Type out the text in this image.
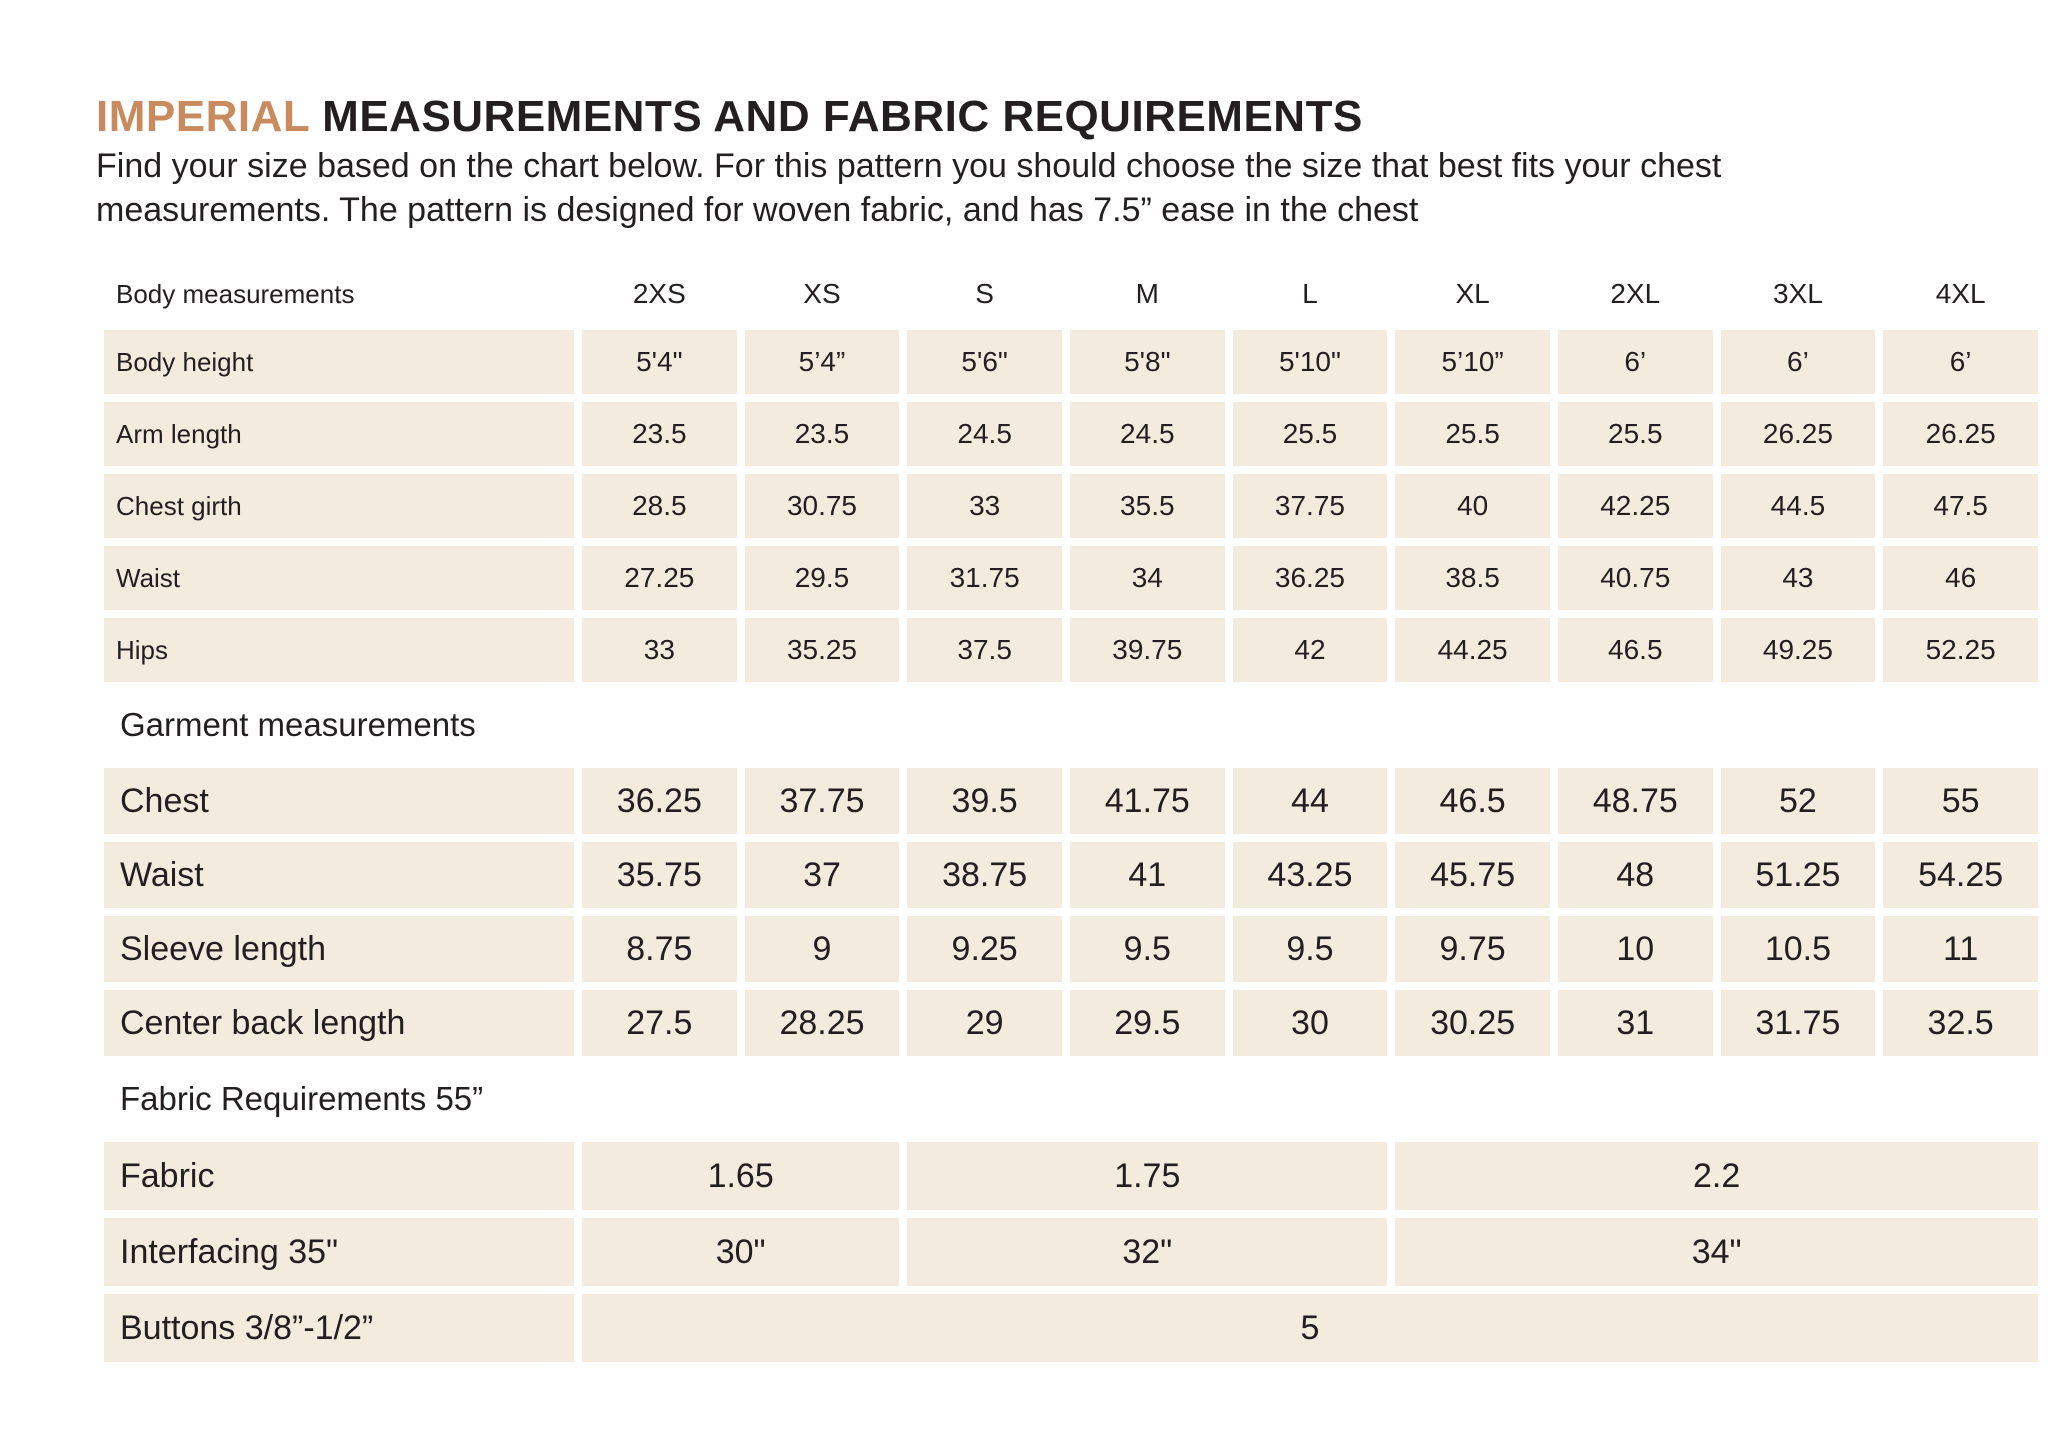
IMPERIAL MEASUREMENTS AND FABRIC REQUIREMENTS

Find your size based on the chart below. For this pattern you should choose the size that best fits your chest measurements. The pattern is designed for woven fabric, and has 7.5” ease in the chest

Body measurements	2XS	XS	S	M	L	XL	2XL	3XL	4XL
Body height	5'4"	5’4”	5'6"	5'8"	5'10"	5’10”	6’	6’	6’
Arm length	23.5	23.5	24.5	24.5	25.5	25.5	25.5	26.25	26.25
Chest girth	28.5	30.75	33	35.5	37.75	40	42.25	44.5	47.5
Waist	27.25	29.5	31.75	34	36.25	38.5	40.75	43	46
Hips	33	35.25	37.5	39.75	42	44.25	46.5	49.25	52.25
Garment measurements									
Chest	36.25	37.75	39.5	41.75	44	46.5	48.75	52	55
Waist	35.75	37	38.75	41	43.25	45.75	48	51.25	54.25
Sleeve length	8.75	9	9.25	9.5	9.5	9.75	10	10.5	11
Center back length	27.5	28.25	29	29.5	30	30.25	31	31.75	32.5
Fabric Requirements 55”									
Fabric	1.65		1.75			2.2			
Interfacing 35"	30"		32"			34"			
Buttons 3/8”-1/2”	5								
